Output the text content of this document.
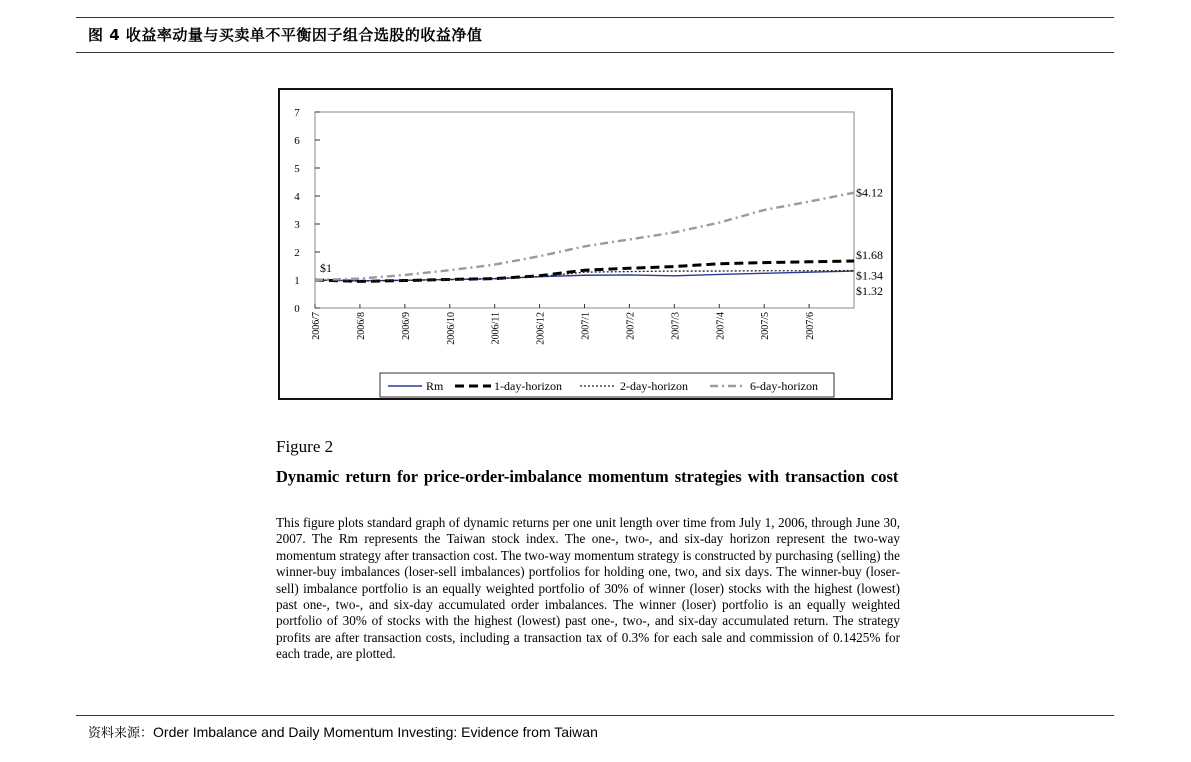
图 4 收益率动量与买卖单不平衡因子组合选股的收益净值
0
1
2
3
4
5
6
7
2006/7	2006/8	2006/9	2006/10	2006/11	2006/12	2007/1	2007/2	2007/3	2007/4	2007/5	2007/6
$1
$4.12
$1.68
$1.34
$1.32
Rm	1-day-horizon	2-day-horizon	6-day-horizon
Figure 2
Dynamic return for price-order-imbalance momentum strategies with transaction cost
This figure plots standard graph of dynamic returns per one unit length over time from July 1, 2006, through June 30, 2007. The Rm represents the Taiwan stock index. The one-, two-, and six-day horizon represent the two-way momentum strategy after transaction cost. The two-way momentum strategy is constructed by purchasing (selling) the winner-buy imbalances (loser-sell imbalances) portfolios for holding one, two, and six days. The winner-buy (loser-sell) imbalance portfolio is an equally weighted portfolio of 30% of winner (loser) stocks with the highest (lowest) past one-, two-, and six-day accumulated order imbalances. The winner (loser) portfolio is an equally weighted portfolio of 30% of stocks with the highest (lowest) past one-, two-, and six-day accumulated return. The strategy profits are after transaction costs, including a transaction tax of 0.3% for each sale and commission of 0.1425% for each trade, are plotted.
资料来源：Order Imbalance and Daily Momentum Investing: Evidence from Taiwan
